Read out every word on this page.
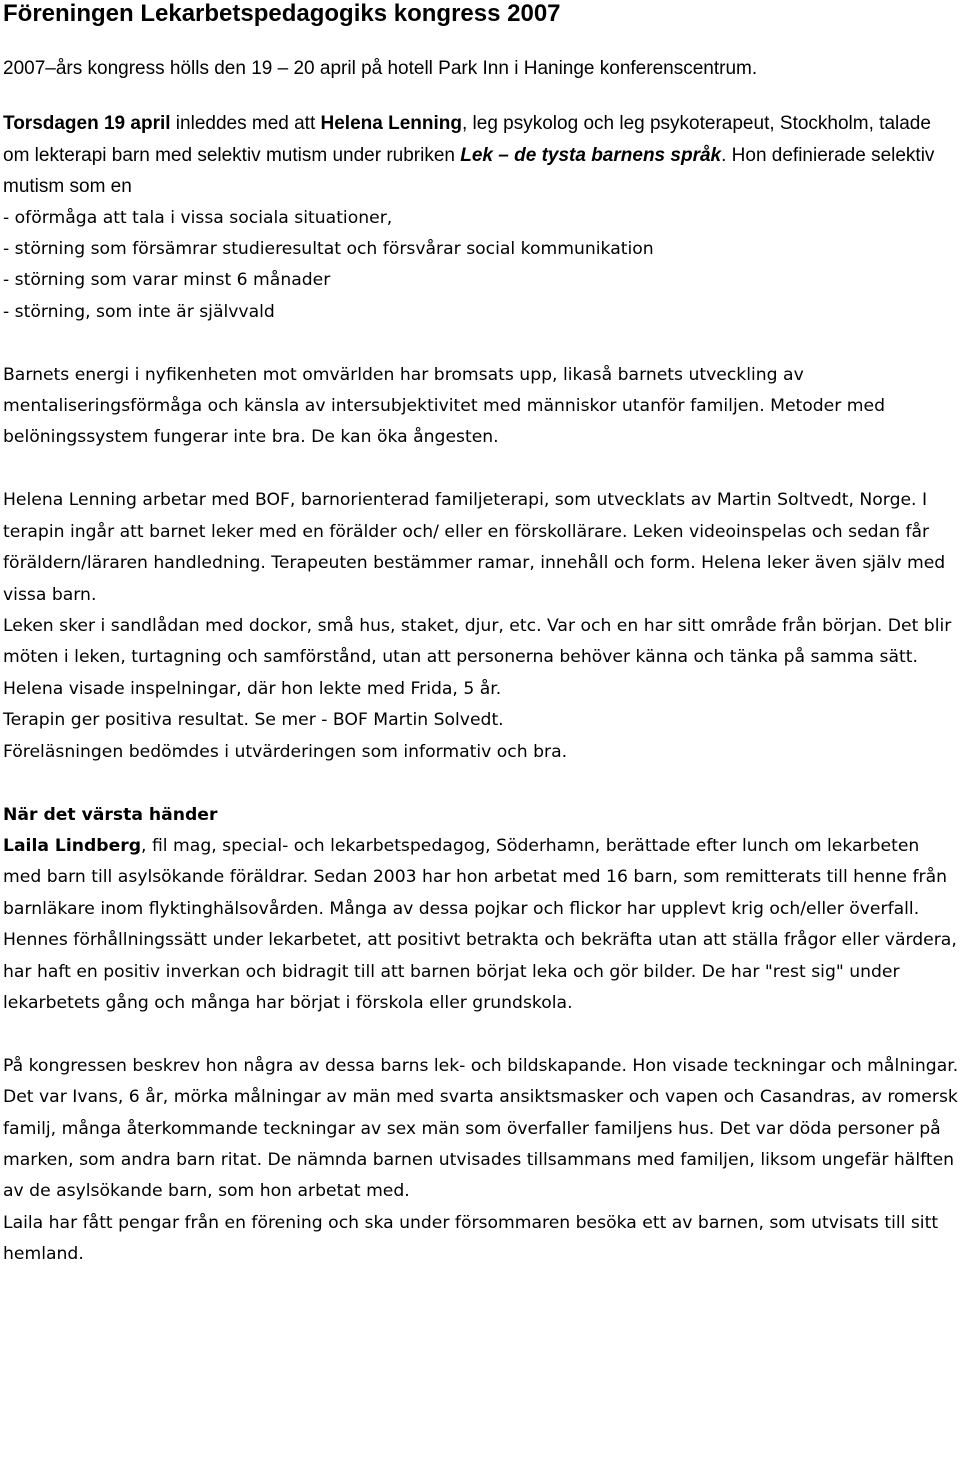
Föreningen Lekarbetspedagogiks kongress 2007

2007–års kongress hölls den 19 – 20 april på hotell Park Inn i Haninge konferenscentrum.

Torsdagen 19 april inleddes med att Helena Lenning, leg psykolog och leg psykoterapeut, Stockholm, talade om lekterapi barn med selektiv mutism under rubriken Lek – de tysta barnens språk. Hon definierade selektiv mutism som en

- oförmåga att tala i vissa sociala situationer,

- störning som försämrar studieresultat och försvårar social kommunikation

- störning som varar minst 6 månader

- störning, som inte är självvald

Barnets energi i nyfikenheten mot omvärlden har bromsats upp, likaså barnets utveckling av mentaliseringsförmåga och känsla av intersubjektivitet med människor utanför familjen. Metoder med belöningssystem fungerar inte bra. De kan öka ångesten.

Helena Lenning arbetar med BOF, barnorienterad familjeterapi, som utvecklats av Martin Soltvedt, Norge. I terapin ingår att barnet leker med en förälder och/ eller en förskollärare. Leken videoinspelas och sedan får föräldern/läraren handledning. Terapeuten bestämmer ramar, innehåll och form. Helena leker även själv med vissa barn.

Leken sker i sandlådan med dockor, små hus, staket, djur, etc. Var och en har sitt område från början. Det blir möten i leken, turtagning och samförstånd, utan att personerna behöver känna och tänka på samma sätt. Helena visade inspelningar, där hon lekte med Frida, 5 år.

Terapin ger positiva resultat. Se mer - BOF Martin Solvedt.

Föreläsningen bedömdes i utvärderingen som informativ och bra.

När det värsta händer

Laila Lindberg, fil mag, special- och lekarbetspedagog, Söderhamn, berättade efter lunch om lekarbeten med barn till asylsökande föräldrar. Sedan 2003 har hon arbetat med 16 barn, som remitterats till henne från barnläkare inom flyktinghälsovården. Många av dessa pojkar och flickor har upplevt krig och/eller överfall. Hennes förhållningssätt under lekarbetet, att positivt betrakta och bekräfta utan att ställa frågor eller värdera, har haft en positiv inverkan och bidragit till att barnen börjat leka och gör bilder. De har "rest sig" under lekarbetets gång och många har börjat i förskola eller grundskola.

På kongressen beskrev hon några av dessa barns lek- och bildskapande. Hon visade teckningar och målningar. Det var Ivans, 6 år, mörka målningar av män med svarta ansiktsmasker och vapen och Casandras, av romersk familj, många återkommande teckningar av sex män som överfaller familjens hus. Det var döda personer på marken, som andra barn ritat. De nämnda barnen utvisades tillsammans med familjen, liksom ungefär hälften av de asylsökande barn, som hon arbetat med.

Laila har fått pengar från en förening och ska under försommaren besöka ett av barnen, som utvisats till sitt hemland.
